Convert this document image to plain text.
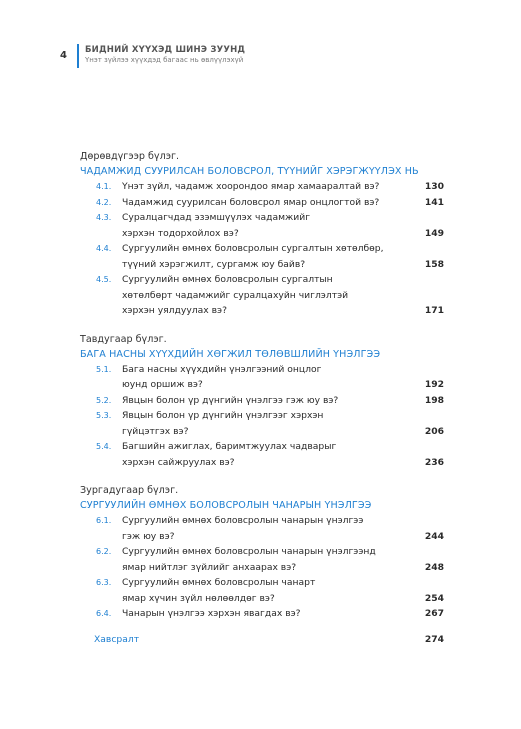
4 БИДНИЙ ХҮҮХЭД ШИНЭ ЗУУНД
Үнэт зүйлээ хүүхдэд багаас нь өвлүүлэхүй
Дөрөвдүгээр бүлэг.
ЧАДАМЖИД СУУРИЛСАН БОЛОВСРОЛ, ТҮҮНИЙГ ХЭРЭГЖҮҮЛЭХ НЬ
4.1.	Үнэт зүйл, чадамж хоорондоо ямар хамааралтай вэ?	130
4.2.	Чадамжид суурилсан боловсрол ямар онцлогтой вэ?	141
4.3.	Суралцагчдад эзэмшүүлэх чадамжийг
хэрхэн тодорхойлох вэ?	149
4.4.	Сургуулийн өмнөх боловсролын сургалтын хөтөлбөр,
түүний хэрэгжилт, сургамж юу байв?	158
4.5.	Сургуулийн өмнөх боловсролын сургалтын
хөтөлбөрт чадамжийг суралцахуйн чиглэлтэй
хэрхэн уялдуулах вэ?	171
Тавдугаар бүлэг.
БАГА НАСНЫ ХҮҮХДИЙН ХӨГЖИЛ ТӨЛӨВШЛИЙН ҮНЭЛГЭЭ
5.1.	Бага насны хүүхдийн үнэлгээний онцлог
юунд оршиж вэ?	192
5.2.	Явцын болон үр дүнгийн үнэлгээ гэж юу вэ?	198
5.3.	Явцын болон үр дүнгийн үнэлгээг хэрхэн
гүйцэтгэх вэ?	206
5.4.	Багшийн ажиглах, баримтжуулах чадварыг
хэрхэн сайжруулах вэ?	236
Зургадугаар бүлэг.
СУРГУУЛИЙН ӨМНӨХ БОЛОВСРОЛЫН ЧАНАРЫН ҮНЭЛГЭЭ
6.1.	Сургуулийн өмнөх боловсролын чанарын үнэлгээ
гэж юу вэ?	244
6.2.	Сургуулийн өмнөх боловсролын чанарын үнэлгээнд
ямар нийтлэг зүйлийг анхаарах вэ?	248
6.3.	Сургуулийн өмнөх боловсролын чанарт
ямар хүчин зүйл нөлөөлдөг вэ?	254
6.4.	Чанарын үнэлгээ хэрхэн явагдах вэ?	267
Хавсралт	274
